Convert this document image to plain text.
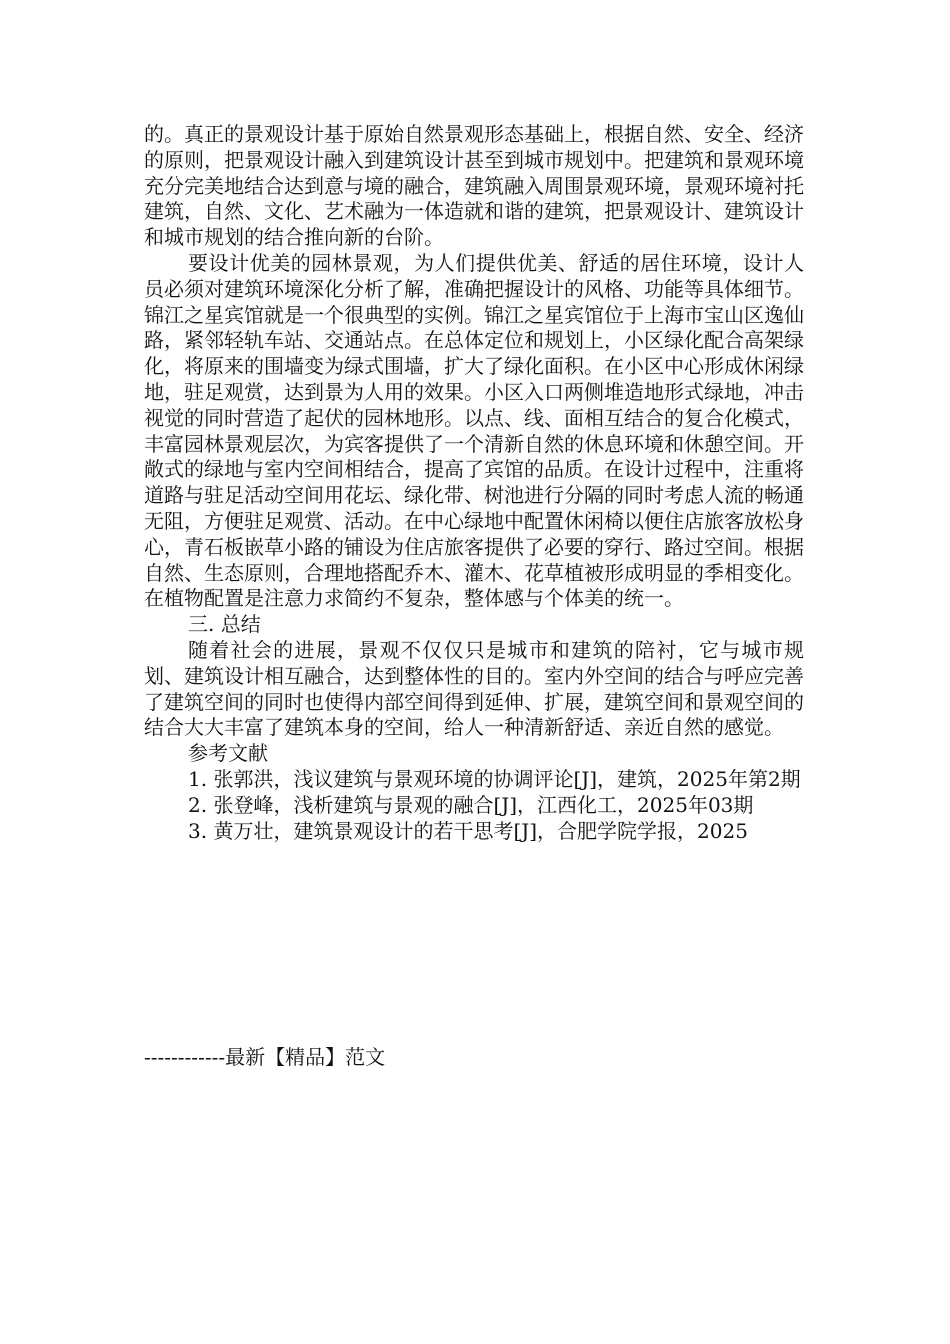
的。真正的景观设计基于原始自然景观形态基础上，根据自然、安全、经济的原则，把景观设计融入到建筑设计甚至到城市规划中。把建筑和景观环境充分完美地结合达到意与境的融合，建筑融入周围景观环境，景观环境衬托建筑，自然、文化、艺术融为一体造就和谐的建筑，把景观设计、建筑设计和城市规划的结合推向新的台阶。

要设计优美的园林景观，为人们提供优美、舒适的居住环境，设计人员必须对建筑环境深化分析了解，准确把握设计的风格、功能等具体细节。锦江之星宾馆就是一个很典型的实例。锦江之星宾馆位于上海市宝山区逸仙路，紧邻轻轨车站、交通站点。在总体定位和规划上，小区绿化配合高架绿化，将原来的围墙变为绿式围墙，扩大了绿化面积。在小区中心形成休闲绿地，驻足观赏，达到景为人用的效果。小区入口两侧堆造地形式绿地，冲击视觉的同时营造了起伏的园林地形。以点、线、面相互结合的复合化模式，丰富园林景观层次，为宾客提供了一个清新自然的休息环境和休憩空间。开敞式的绿地与室内空间相结合，提高了宾馆的品质。在设计过程中，注重将道路与驻足活动空间用花坛、绿化带、树池进行分隔的同时考虑人流的畅通无阻，方便驻足观赏、活动。在中心绿地中配置休闲椅以便住店旅客放松身心，青石板嵌草小路的铺设为住店旅客提供了必要的穿行、路过空间。根据自然、生态原则，合理地搭配乔木、灌木、花草植被形成明显的季相变化。在植物配置是注意力求简约不复杂，整体感与个体美的统一。

三. 总结

随着社会的进展，景观不仅仅只是城市和建筑的陪衬，它与城市规划、建筑设计相互融合，达到整体性的目的。室内外空间的结合与呼应完善了建筑空间的同时也使得内部空间得到延伸、扩展，建筑空间和景观空间的结合大大丰富了建筑本身的空间，给人一种清新舒适、亲近自然的感觉。

参考文献

1. 张郭洪，浅议建筑与景观环境的协调评论[J]，建筑，2025年第2期

2. 张登峰，浅析建筑与景观的融合[J]，江西化工，2025年03期

3. 黄万壮，建筑景观设计的若干思考[J]，合肥学院学报，2025

------------最新【精品】范文
